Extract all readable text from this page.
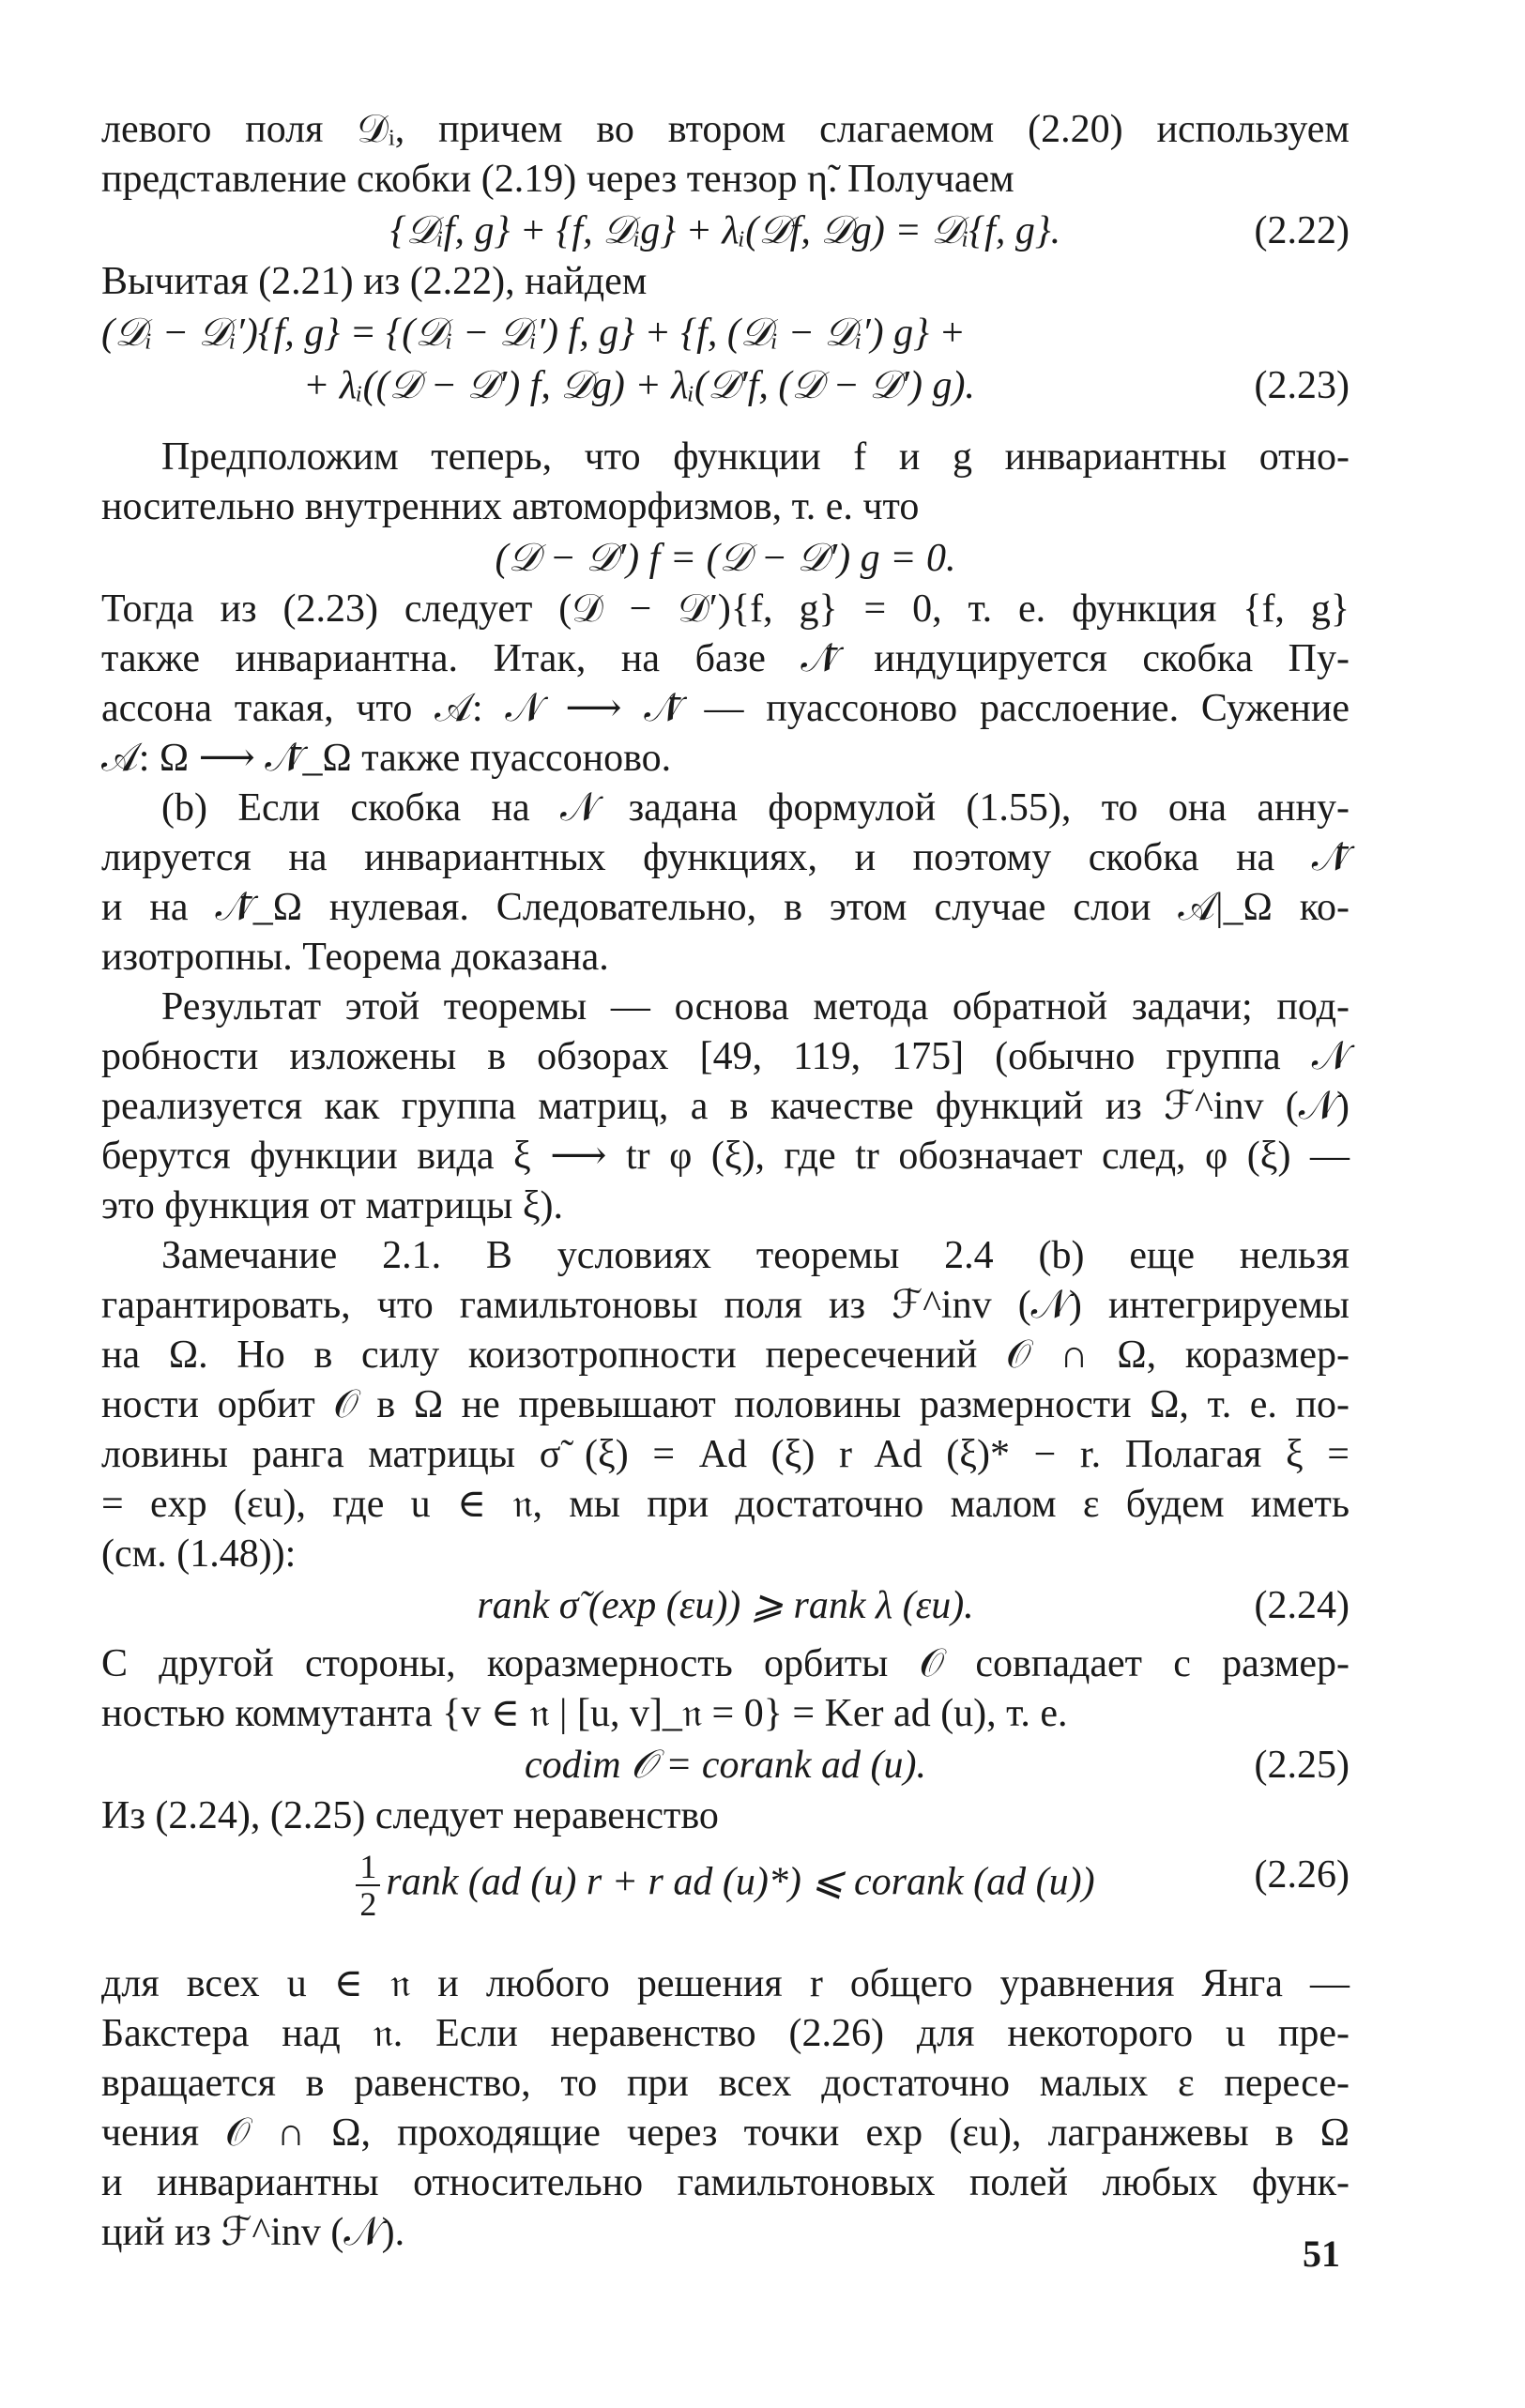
левого поля 𝒟ᵢ, причем во втором слагаемом (2.20) используем
представление скобки (2.19) через тензор η̃. Получаем
{𝒟ᵢf, g} + {f, 𝒟ᵢg} + λᵢ(𝒟f, 𝒟g) = 𝒟ᵢ{f, g}.	(2.22)
Вычитая (2.21) из (2.22), найдем
(𝒟ᵢ − 𝒟ᵢ′){f, g} = {(𝒟ᵢ − 𝒟ᵢ′) f, g} + {f, (𝒟ᵢ − 𝒟ᵢ′) g} +
+ λᵢ((𝒟 − 𝒟′) f, 𝒟g) + λᵢ(𝒟′f, (𝒟 − 𝒟′) g).	(2.23)
Предположим теперь, что функции f и g инвариантны отно-
носительно внутренних автоморфизмов, т. е. что
(𝒟 − 𝒟′) f = (𝒟 − 𝒟′) g = 0.
Тогда из (2.23) следует (𝒟 − 𝒟′){f, g} = 0, т. е. функция {f, g}
также инвариантна. Итак, на базе 𝒩̄ индуцируется скобка Пу-
ассона такая, что 𝒜: 𝒩 ⟶ 𝒩̄ — пуассоново расслоение. Сужение
𝒜: Ω ⟶ 𝒩̄_Ω также пуассоново.
(b) Если скобка на 𝒩 задана формулой (1.55), то она анну-
лируется на инвариантных функциях, и поэтому скобка на 𝒩̄
и на 𝒩̄_Ω нулевая. Следовательно, в этом случае слои 𝒜|_Ω ко-
изотропны. Теорема доказана.
Результат этой теоремы — основа метода обратной задачи; под-
робности изложены в обзорах [49, 119, 175] (обычно группа 𝒩
реализуется как группа матриц, а в качестве функций из ℱ^inv (𝒩)
берутся функции вида ξ ⟶ tr φ (ξ), где tr обозначает след, φ (ξ) —
это функция от матрицы ξ).
Замечание 2.1. В условиях теоремы 2.4 (b) еще нельзя
гарантировать, что гамильтоновы поля из ℱ^inv (𝒩) интегрируемы
на Ω. Но в силу коизотропности пересечений 𝒪 ∩ Ω, коразмер-
ности орбит 𝒪 в Ω не превышают половины размерности Ω, т. е. по-
ловины ранга матрицы σ̃ (ξ) = Ad (ξ) r Ad (ξ)* − r. Полагая ξ =
= exp (εu), где u ∈ 𝔫, мы при достаточно малом ε будем иметь
(см. (1.48)):
rank σ̃ (exp (εu)) ⩾ rank λ (εu).	(2.24)
С другой стороны, коразмерность орбиты 𝒪 совпадает с размер-
ностью коммутанта {v ∈ 𝔫 | [u, v]_𝔫 = 0} = Ker ad (u), т. е.
codim 𝒪 = corank ad (u).	(2.25)
Из (2.24), (2.25) следует неравенство
$\frac{1}{2}$ rank (ad (u) r + r ad (u)*) ⩽ corank (ad (u))	(2.26)
для всех u ∈ 𝔫 и любого решения r общего уравнения Янга —
Бакстера над 𝔫. Если неравенство (2.26) для некоторого u пре-
вращается в равенство, то при всех достаточно малых ε пересе-
чения 𝒪 ∩ Ω, проходящие через точки exp (εu), лагранжевы в Ω
и инвариантны относительно гамильтоновых полей любых функ-
ций из ℱ^inv (𝒩).	51
